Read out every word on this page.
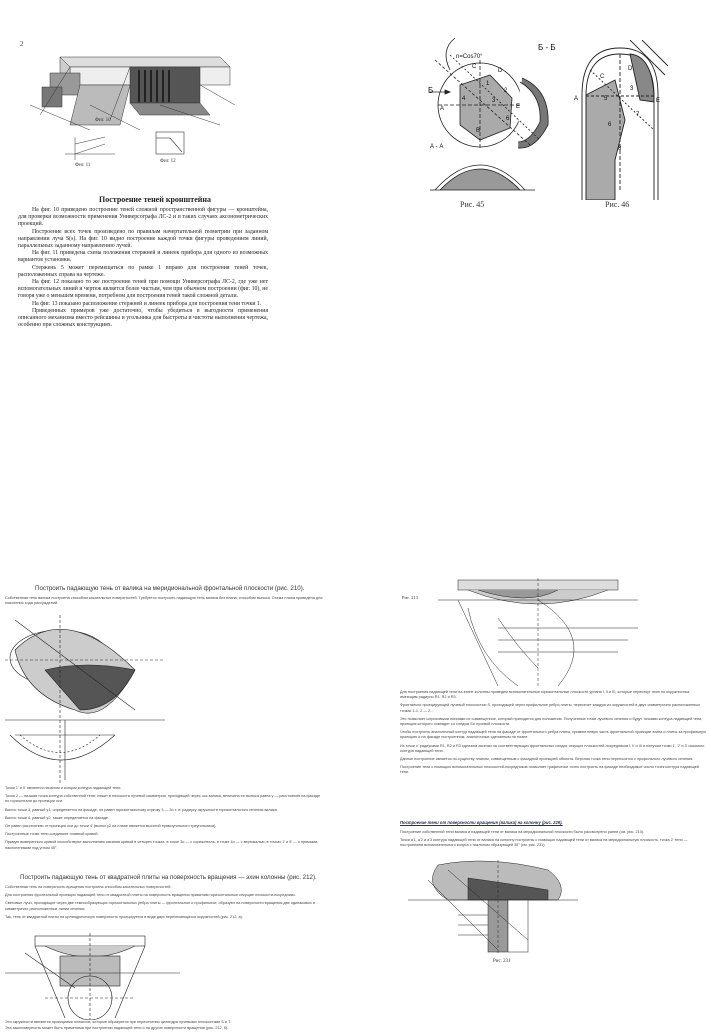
2
Фиг. 10
Фиг. 11
Фиг. 12
Построение теней кронштейна

На фиг. 10 приведено построение теней сложной пространственной фигуры — кронштейна, для проверки возможности применения Универсографа ЛС-2 и в таких случаях аксонометрических проекций.

Построение всех точек произведено по правилам начертательной геометрии при заданном направлении луча S(s). На фиг. 10 видно построение каждой точки фигуры проведением линий, параллельных заданному направлению лучей.

На фиг. 11 приведена схема положения стержней и линеек прибора для одного из возможных вариантов установки.

Стержень 5 может перемещаться по рамке 1 вправо для построения теней точек, расположенных справа на чертеже.

На фиг. 12 показано то же построение теней при помощи Универсографа ЛС-2, где уже нет вспомогательных линий и чертеж является более чистым, чем при обычном построении (фиг. 10), не говоря уже о меньшем времени, потребном для построения теней такой сложной детали.

На фиг. 13 показано расположение стержней и линеек прибора для построения тени точки 1.

Приведенных примеров уже достаточно, чтобы убедиться в выгодности применения описанного механизма вместо рейсшины и угольника для быстроты и чистоты выполнения чертежа, особенно при сложных конструкциях.

Б - Б
n=Cos70°
Б
А - А
A
C
D
E
B
1
2
3
4
6
Рис. 45
A
C
D
E
5
3
7
8
6
Рис. 46
Построить падающую тень от валика на меридиональной фронтальной плоскости (рис. 210).
Собственная тень валика построена способом касательных поверхностей. Требуется построить падающую тень валика без плана, способом выноса. Схема плана приведена для пояснения хода рассуждений.

Точки 1' и 5' являются началом и концом контура падающей тени.

Точка 2 — низшая точка контура собственной тени; лежит в плоскости лучевой симметрии, проходящей через ось валика, величина ее выноса равна y — расстоянию на фасаде по горизонтали до проекции оси.

Вынос точки 3, равный y1, определяется на фасаде, он равен горизонтальному отрезку 3 — 3o т. е. радиусу окружности горизонтального сечения валика.

Вынос точки 4, равный y2, также определяется на фасаде.

Он равен расстоянию от проекции оси до точки 4' (вынос y2 на плане является высотой прямоугольного треугольника).

Построенные точки тени соединяют плавной кривой.

Прямую выверенного кривой способствуют выполнению касания кривой в четырех точках: в точке 3o — с горизонталь, в точке 4o — с вертикалью, в точках 1' и 5' — с прямыми, наклоненными под углом 45°.

Построить падающую тень от квадратной плиты на поверхность вращения — эхин колонны (рис. 212).

Собственная тень на поверхность вращения построена способом касательных поверхностей.

Для построения фронтальной проекции падающей тени от квадратной плиты на поверхность вращения применим горизонтальные секущие плоскости-посредники.

Световые лучи, проходящие через две темнообразующих горизонтальных ребра плиты — фронтальное и профильное, образуют на поверхности вращения две одинаковых и симметрично расположенных линии сечения.

Так, тень от квадратной плиты на цилиндрическую поверхность проецируется в виде двух пересекающихся окружностей (рис. 212, а).

Эти окружности являются проекциями эллипсов, которые образуются при пересечении цилиндра лучевыми плоскостями S и T.

Эта закономерность может быть применима при построении падающей тени и на другие поверхности вращения (рис. 212, б).

Рис. 213

Для построения падающей тени на эхине колонны проведем вспомогательные горизонтальные плоскости уровня I, II и III, которые пересекут эхин по окружностям, имеющим радиусы R1, R2 и R3.

Фронтально проецирующей лучевой плоскостью S, проходящей через профильное ребро плиты, пересечет каждую из окружностей в двух симметрично расположенных точках 1-1, 2 — 2...

Это позволяет штриховыми линиями их совмещенное, который приходится для положения. Полученные точки лучевого сечения и будут точками контура падающей тени, проекция которого совпадет со следом So лучевой плоскости.

Чтобы построить аналогичный контур падающей тени на фасаде от фронтального ребра плиты, примем левую часть фронтальной проекции эхина и плиты за профильную проекцию и на фасаде построенном, аналогичные сделанным на плане.

Из точки с' радиусами R1, R2 и R3 сделаем засечки на соответствующих фронтальных следах секущих плоскостей-посредников I, II и III и получим точки 1', 2' и 3' искомого контура падающей тени.

Данное построение является по-существу планом, совмещенным с фасадной проекцией объекта. Верхняя точка тени переносится с профильного лучевого сечения.

Построение тени с помощью вспомогательных плоскостей-посредников позволяет графически точно построить на фасаде необходимое число точек контура падающей тени.

Построение тени от поверхности вращения (валика) на колонну (рис. 229).

Построение собственной тени валика и падающей тени от валика на меридиональной плоскости было рассмотрено ранее (см. рис. 210).

Точки a'1, a'2 и a'3 контура падающей тени от валика на колонну построены с помощью падающей тени от валика на меридиональную плоскость, точка 2' тени — построением вспомогательного конуса с наклоном образующей 35° (см. рис. 231).

Рис. 231
